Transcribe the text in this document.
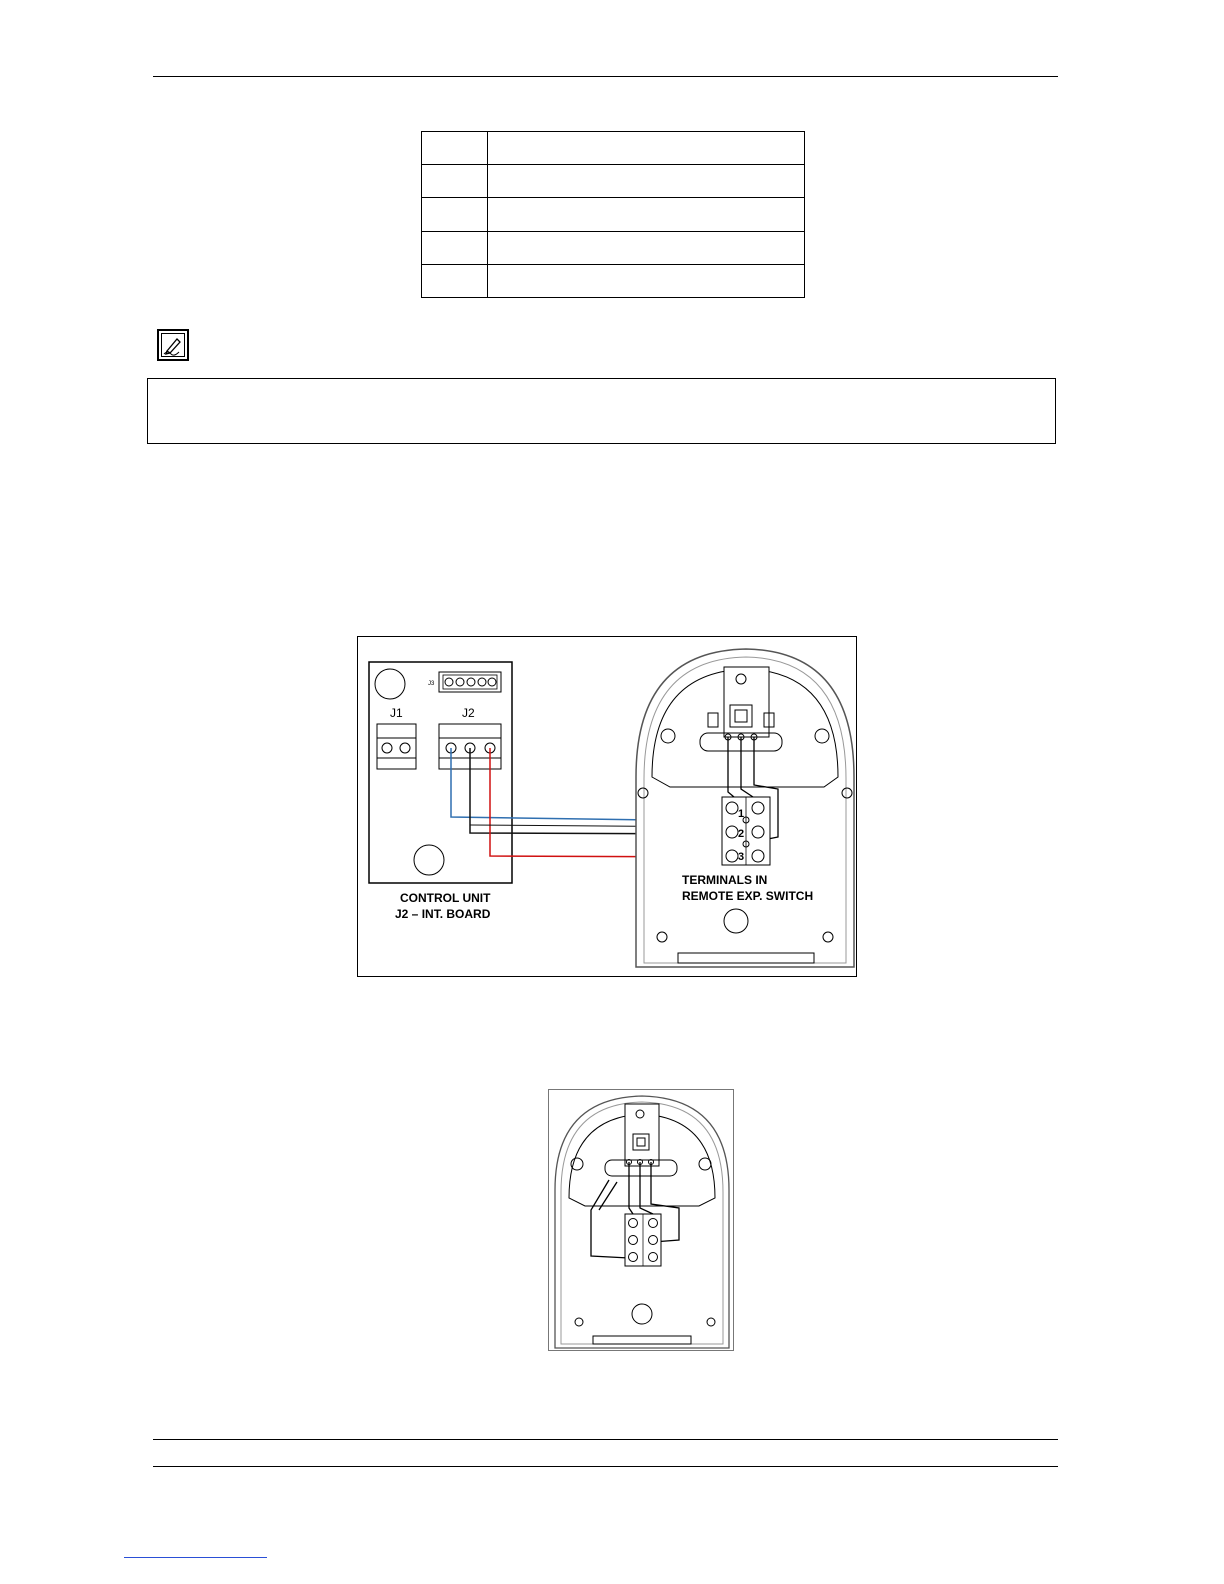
J3
J1	J2
CONTROL UNIT
J2 – INT. BOARD
1
2
3
TERMINALS IN
REMOTE EXP. SWITCH
